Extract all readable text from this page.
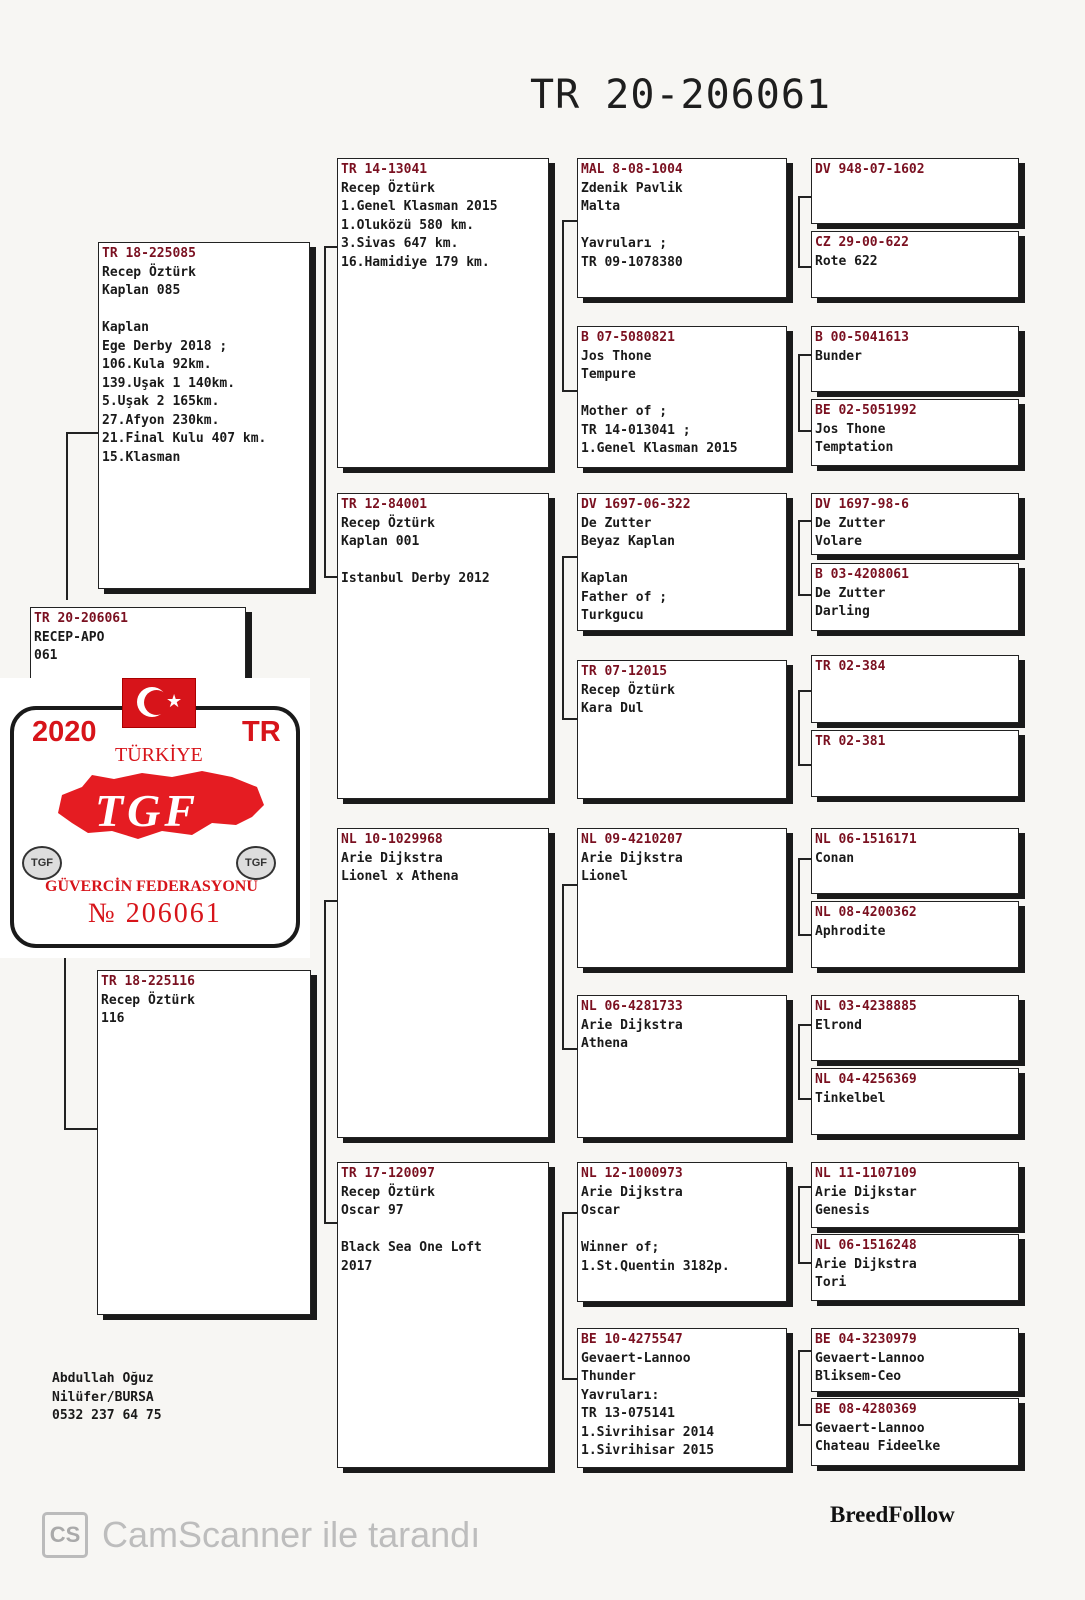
TR 20-206061
TR 20-206061
RECEP-APO
061
TR 18-225085
Recep Öztürk
Kaplan 085
Kaplan
Ege Derby 2018 ;
106.Kula 92km.
139.Uşak 1 140km.
5.Uşak 2 165km.
27.Afyon 230km.
21.Final Kulu 407 km.
15.Klasman
TR 18-225116
Recep Öztürk
116
TR 14-13041
Recep Öztürk
1.Genel Klasman 2015
1.Oluközü 580 km.
3.Sivas 647 km.
16.Hamidiye 179 km.
TR 12-84001
Recep Öztürk
Kaplan 001
Istanbul Derby 2012
NL 10-1029968
Arie Dijkstra
Lionel x Athena
TR 17-120097
Recep Öztürk
Oscar 97
Black Sea One Loft
2017
MAL 8-08-1004
Zdenik Pavlik
Malta
Yavruları ;
TR 09-1078380
B 07-5080821
Jos Thone
Tempure
Mother of ;
TR 14-013041 ;
1.Genel Klasman 2015
DV 1697-06-322
De Zutter
Beyaz Kaplan
Kaplan
Father of ;
Turkgucu
TR 07-12015
Recep Öztürk
Kara Dul
NL 09-4210207
Arie Dijkstra
Lionel
NL 06-4281733
Arie Dijkstra
Athena
NL 12-1000973
Arie Dijkstra
Oscar
Winner of;
1.St.Quentin 3182p.
BE 10-4275547
Gevaert-Lannoo
Thunder
Yavruları:
TR 13-075141
1.Sivrihisar 2014
1.Sivrihisar 2015
DV 948-07-1602
CZ 29-00-622
Rote 622
B 00-5041613
Bunder
BE 02-5051992
Jos Thone
Temptation
DV 1697-98-6
De Zutter
Volare
B 03-4208061
De Zutter
Darling
TR 02-384
TR 02-381
NL 06-1516171
Conan
NL 08-4200362
Aphrodite
NL 03-4238885
Elrond
NL 04-4256369
Tinkelbel
NL 11-1107109
Arie Dijkstar
Genesis
NL 06-1516248
Arie Dijkstra
Tori
BE 04-3230979
Gevaert-Lannoo
Bliksem-Ceo
BE 08-4280369
Gevaert-Lannoo
Chateau Fideelke
★
2020	TR
TÜRKİYE
TGF
TGF	TGF
GÜVERCİN FEDERASYONU
№ 206061
Abdullah Oğuz
Nilüfer/BURSA
0532 237 64 75
BreedFollow
CS CamScanner ile tarandı
